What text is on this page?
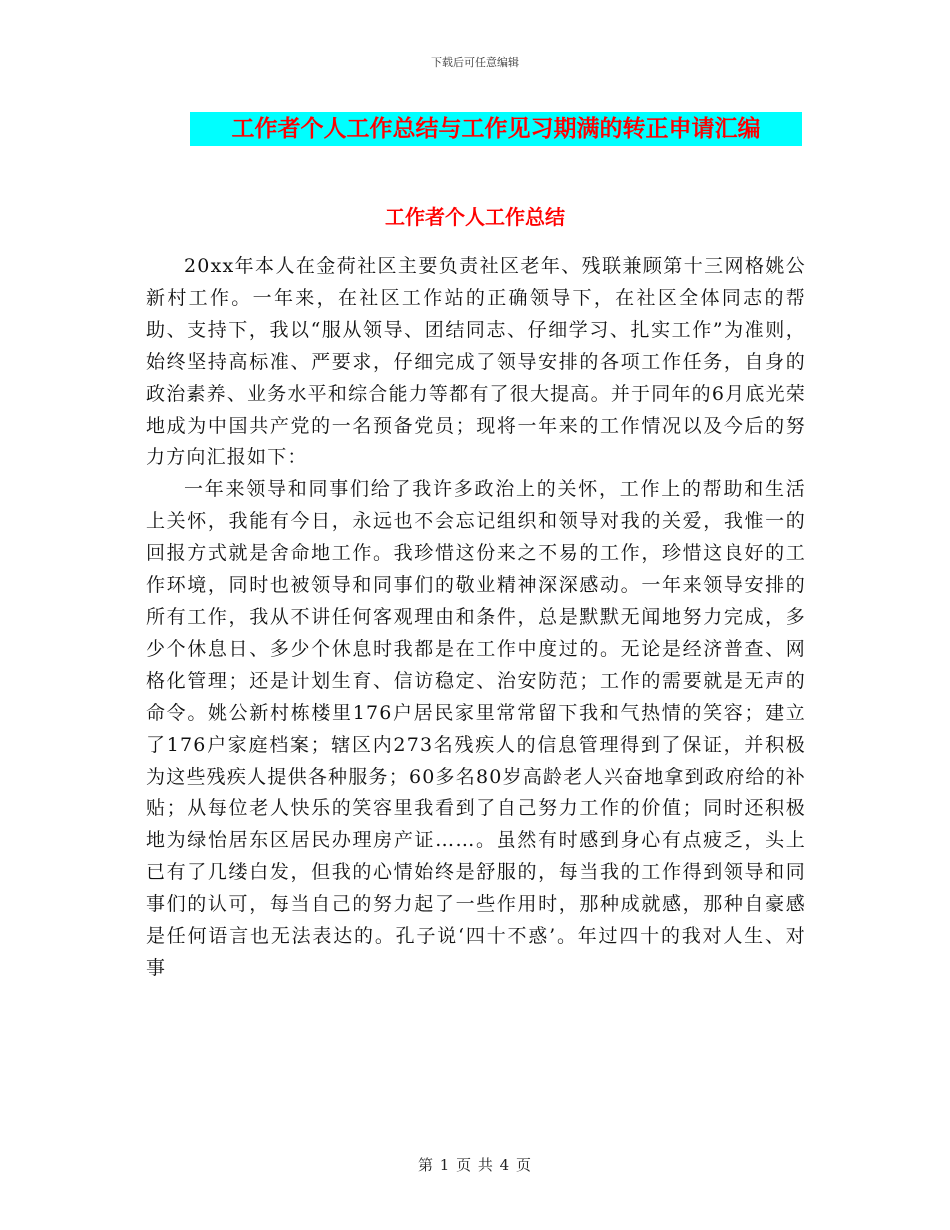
下载后可任意编辑
工作者个人工作总结与工作见习期满的转正申请汇编
工作者个人工作总结

20xx年本人在金荷社区主要负责社区老年、残联兼顾第十三网格姚公新村工作。一年来，在社区工作站的正确领导下，在社区全体同志的帮助、支持下，我以“服从领导、团结同志、仔细学习、扎实工作”为准则，始终坚持高标准、严要求，仔细完成了领导安排的各项工作任务，自身的政治素养、业务水平和综合能力等都有了很大提高。并于同年的6月底光荣地成为中国共产党的一名预备党员；现将一年来的工作情况以及今后的努力方向汇报如下：

一年来领导和同事们给了我许多政治上的关怀，工作上的帮助和生活上关怀，我能有今日，永远也不会忘记组织和领导对我的关爱，我惟一的回报方式就是舍命地工作。我珍惜这份来之不易的工作，珍惜这良好的工作环境，同时也被领导和同事们的敬业精神深深感动。一年来领导安排的所有工作，我从不讲任何客观理由和条件，总是默默无闻地努力完成，多少个休息日、多少个休息时我都是在工作中度过的。无论是经济普查、网格化管理；还是计划生育、信访稳定、治安防范；工作的需要就是无声的命令。姚公新村栋楼里176户居民家里常常留下我和气热情的笑容；建立了176户家庭档案；辖区内273名残疾人的信息管理得到了保证，并积极为这些残疾人提供各种服务；60多名80岁高龄老人兴奋地拿到政府给的补贴；从每位老人快乐的笑容里我看到了自己努力工作的价值；同时还积极地为绿怡居东区居民办理房产证……。虽然有时感到身心有点疲乏，头上已有了几缕白发，但我的心情始终是舒服的，每当我的工作得到领导和同事们的认可，每当自己的努力起了一些作用时，那种成就感，那种自豪感是任何语言也无法表达的。孔子说‘四十不惑’。年过四十的我对人生、对事

第 1 页 共 4 页
